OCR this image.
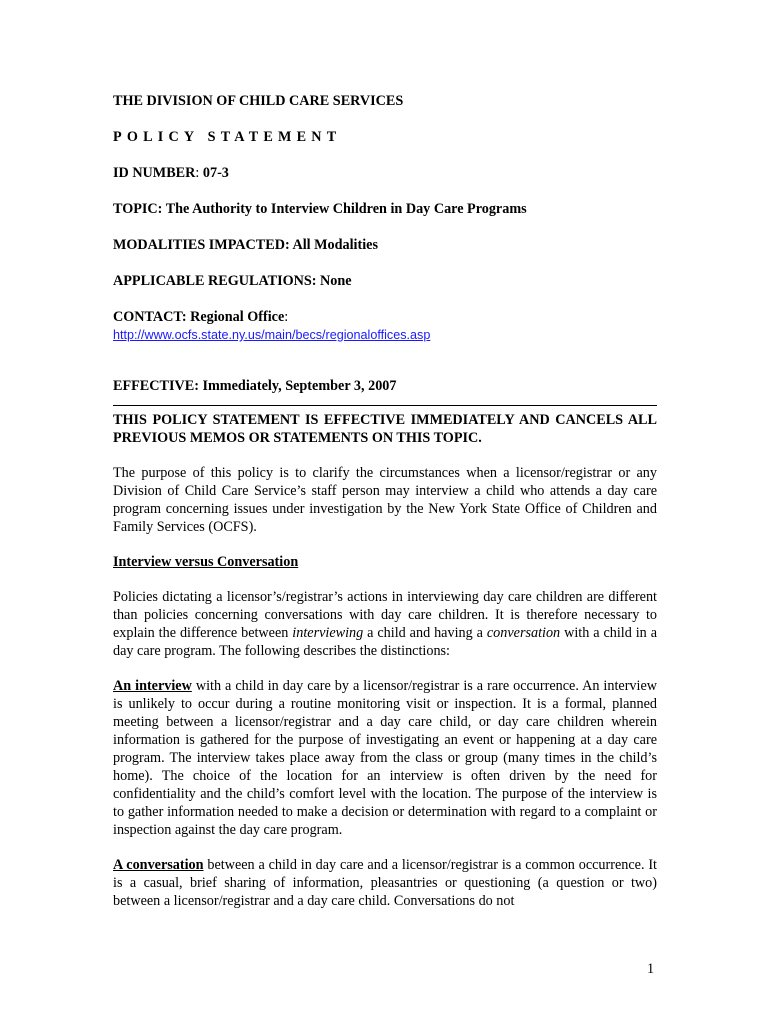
THE DIVISION OF CHILD CARE SERVICES

POLICY STATEMENT

ID NUMBER: 07-3

TOPIC: The Authority to Interview Children in Day Care Programs

MODALITIES IMPACTED: All Modalities

APPLICABLE REGULATIONS: None

CONTACT: Regional Office:

http://www.ocfs.state.ny.us/main/becs/regionaloffices.asp

EFFECTIVE: Immediately, September 3, 2007

THIS POLICY STATEMENT IS EFFECTIVE IMMEDIATELY AND CANCELS ALL PREVIOUS MEMOS OR STATEMENTS ON THIS TOPIC.

The purpose of this policy is to clarify the circumstances when a licensor/registrar or any Division of Child Care Service’s staff person may interview a child who attends a day care program concerning issues under investigation by the New York State Office of Children and Family Services (OCFS).

Interview versus Conversation

Policies dictating a licensor’s/registrar’s actions in interviewing day care children are different than policies concerning conversations with day care children. It is therefore necessary to explain the difference between interviewing a child and having a conversation with a child in a day care program. The following describes the distinctions:

An interview with a child in day care by a licensor/registrar is a rare occurrence. An interview is unlikely to occur during a routine monitoring visit or inspection. It is a formal, planned meeting between a licensor/registrar and a day care child, or day care children wherein information is gathered for the purpose of investigating an event or happening at a day care program. The interview takes place away from the class or group (many times in the child’s home). The choice of the location for an interview is often driven by the need for confidentiality and the child’s comfort level with the location. The purpose of the interview is to gather information needed to make a decision or determination with regard to a complaint or inspection against the day care program.

A conversation between a child in day care and a licensor/registrar is a common occurrence. It is a casual, brief sharing of information, pleasantries or questioning (a question or two) between a licensor/registrar and a day care child. Conversations do not

1
